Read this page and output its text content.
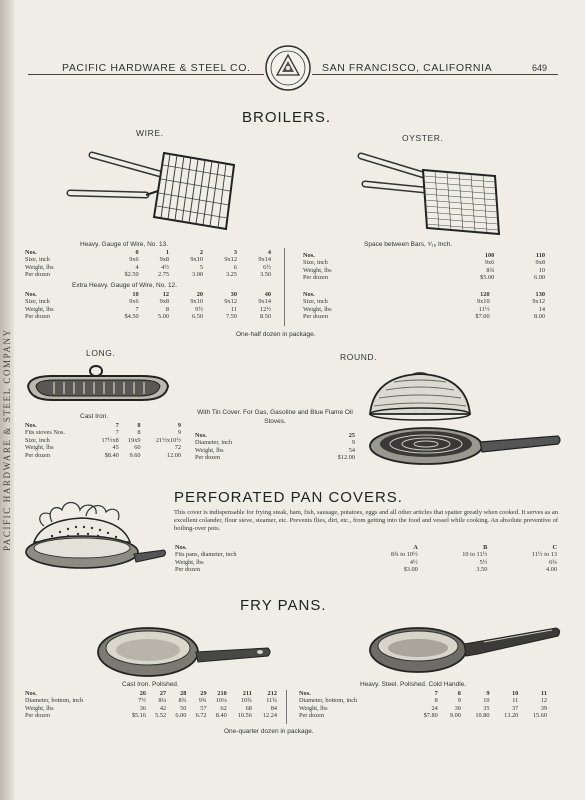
PACIFIC HARDWARE & STEEL CO.	SAN FRANCISCO, CALIFORNIA	649
PACIFIC HARDWARE & STEEL COMPANY
BROILERS.
WIRE.	OYSTER.
Heavy. Gauge of Wire, No. 13.
Nos.	0	1	2	3	4
Size, inch	9x6	9x8	9x10	9x12	9x14
Weight, lbs	4	4½	5	6	6½
Per dozen	$2.50	2.75	3.00	3.25	3.50
Extra Heavy. Gauge of Wire, No. 12.
Nos.	10	12	20	30	40
Size, inch	9x6	9x8	9x10	9x12	9x14
Weight, lbs	7	8	9½	11	12½
Per dozen	$4.50	5.00	6.50	7.50	8.50
Space between Bars, ⁵⁄₁₆ Inch.
Nos.	100	110
Size, inch	9x6	9x8
Weight, lbs	8¾	10
Per dozen	$5.00	6.00
Nos.	120	130
Size, inch	9x10	9x12
Weight, lbs	11½	14
Per dozen	$7.00	8.00
One-half dozen in package.
LONG.	ROUND.
Cast Iron.
Nos.	7	8	9
Fits stoves Nos.	7	8	9
Size, inch	17½x8	19x9	21½x10½
Weight, lbs	45	60	72
Per dozen	$8.40	9.60	12.00
With Tin Cover. For Gas, Gasoline and Blue Flame Oil Stoves.
Nos.	25
Diameter, inch	9
Weight, lbs	54
Per dozen	$12.00
PERFORATED PAN COVERS.
This cover is indispensable for frying steak, ham, fish, sausage, potatoes, eggs and all other articles that spatter greatly when cooked. It serves as an excellent colander, flour sieve, steamer, etc. Prevents flies, dirt, etc., from getting into the food and vessel while cooking. An absolute preventive of boiling-over pots.
Nos.	A	B	C
Fits pans, diameter, inch	8¾ to 10½	10 to 11½	11½ to 13
Weight, lbs	4½	5½	6¾
Per dozen	$3.00	3.50	4.00
FRY PANS.
Cast Iron. Polished.	Heavy. Steel. Polished. Cold Handle.
Nos.	26	27	28	29	210	211	212
Diameter, bottom, inch	7½	8¼	8¾	9¾	10¼	10¾	11¾
Weight, lbs	36	42	50	57	62	68	84
Per dozen	$5.16	5.52	6.00	6.72	8.40	10.56	12.24
Nos.	7	8	9	10	11
Diameter, bottom, inch	8	9	10	11	12
Weight, lbs	24	30	35	37	39
Per dozen	$7.80	9.00	10.80	13.20	15.60
One-quarter dozen in package.
